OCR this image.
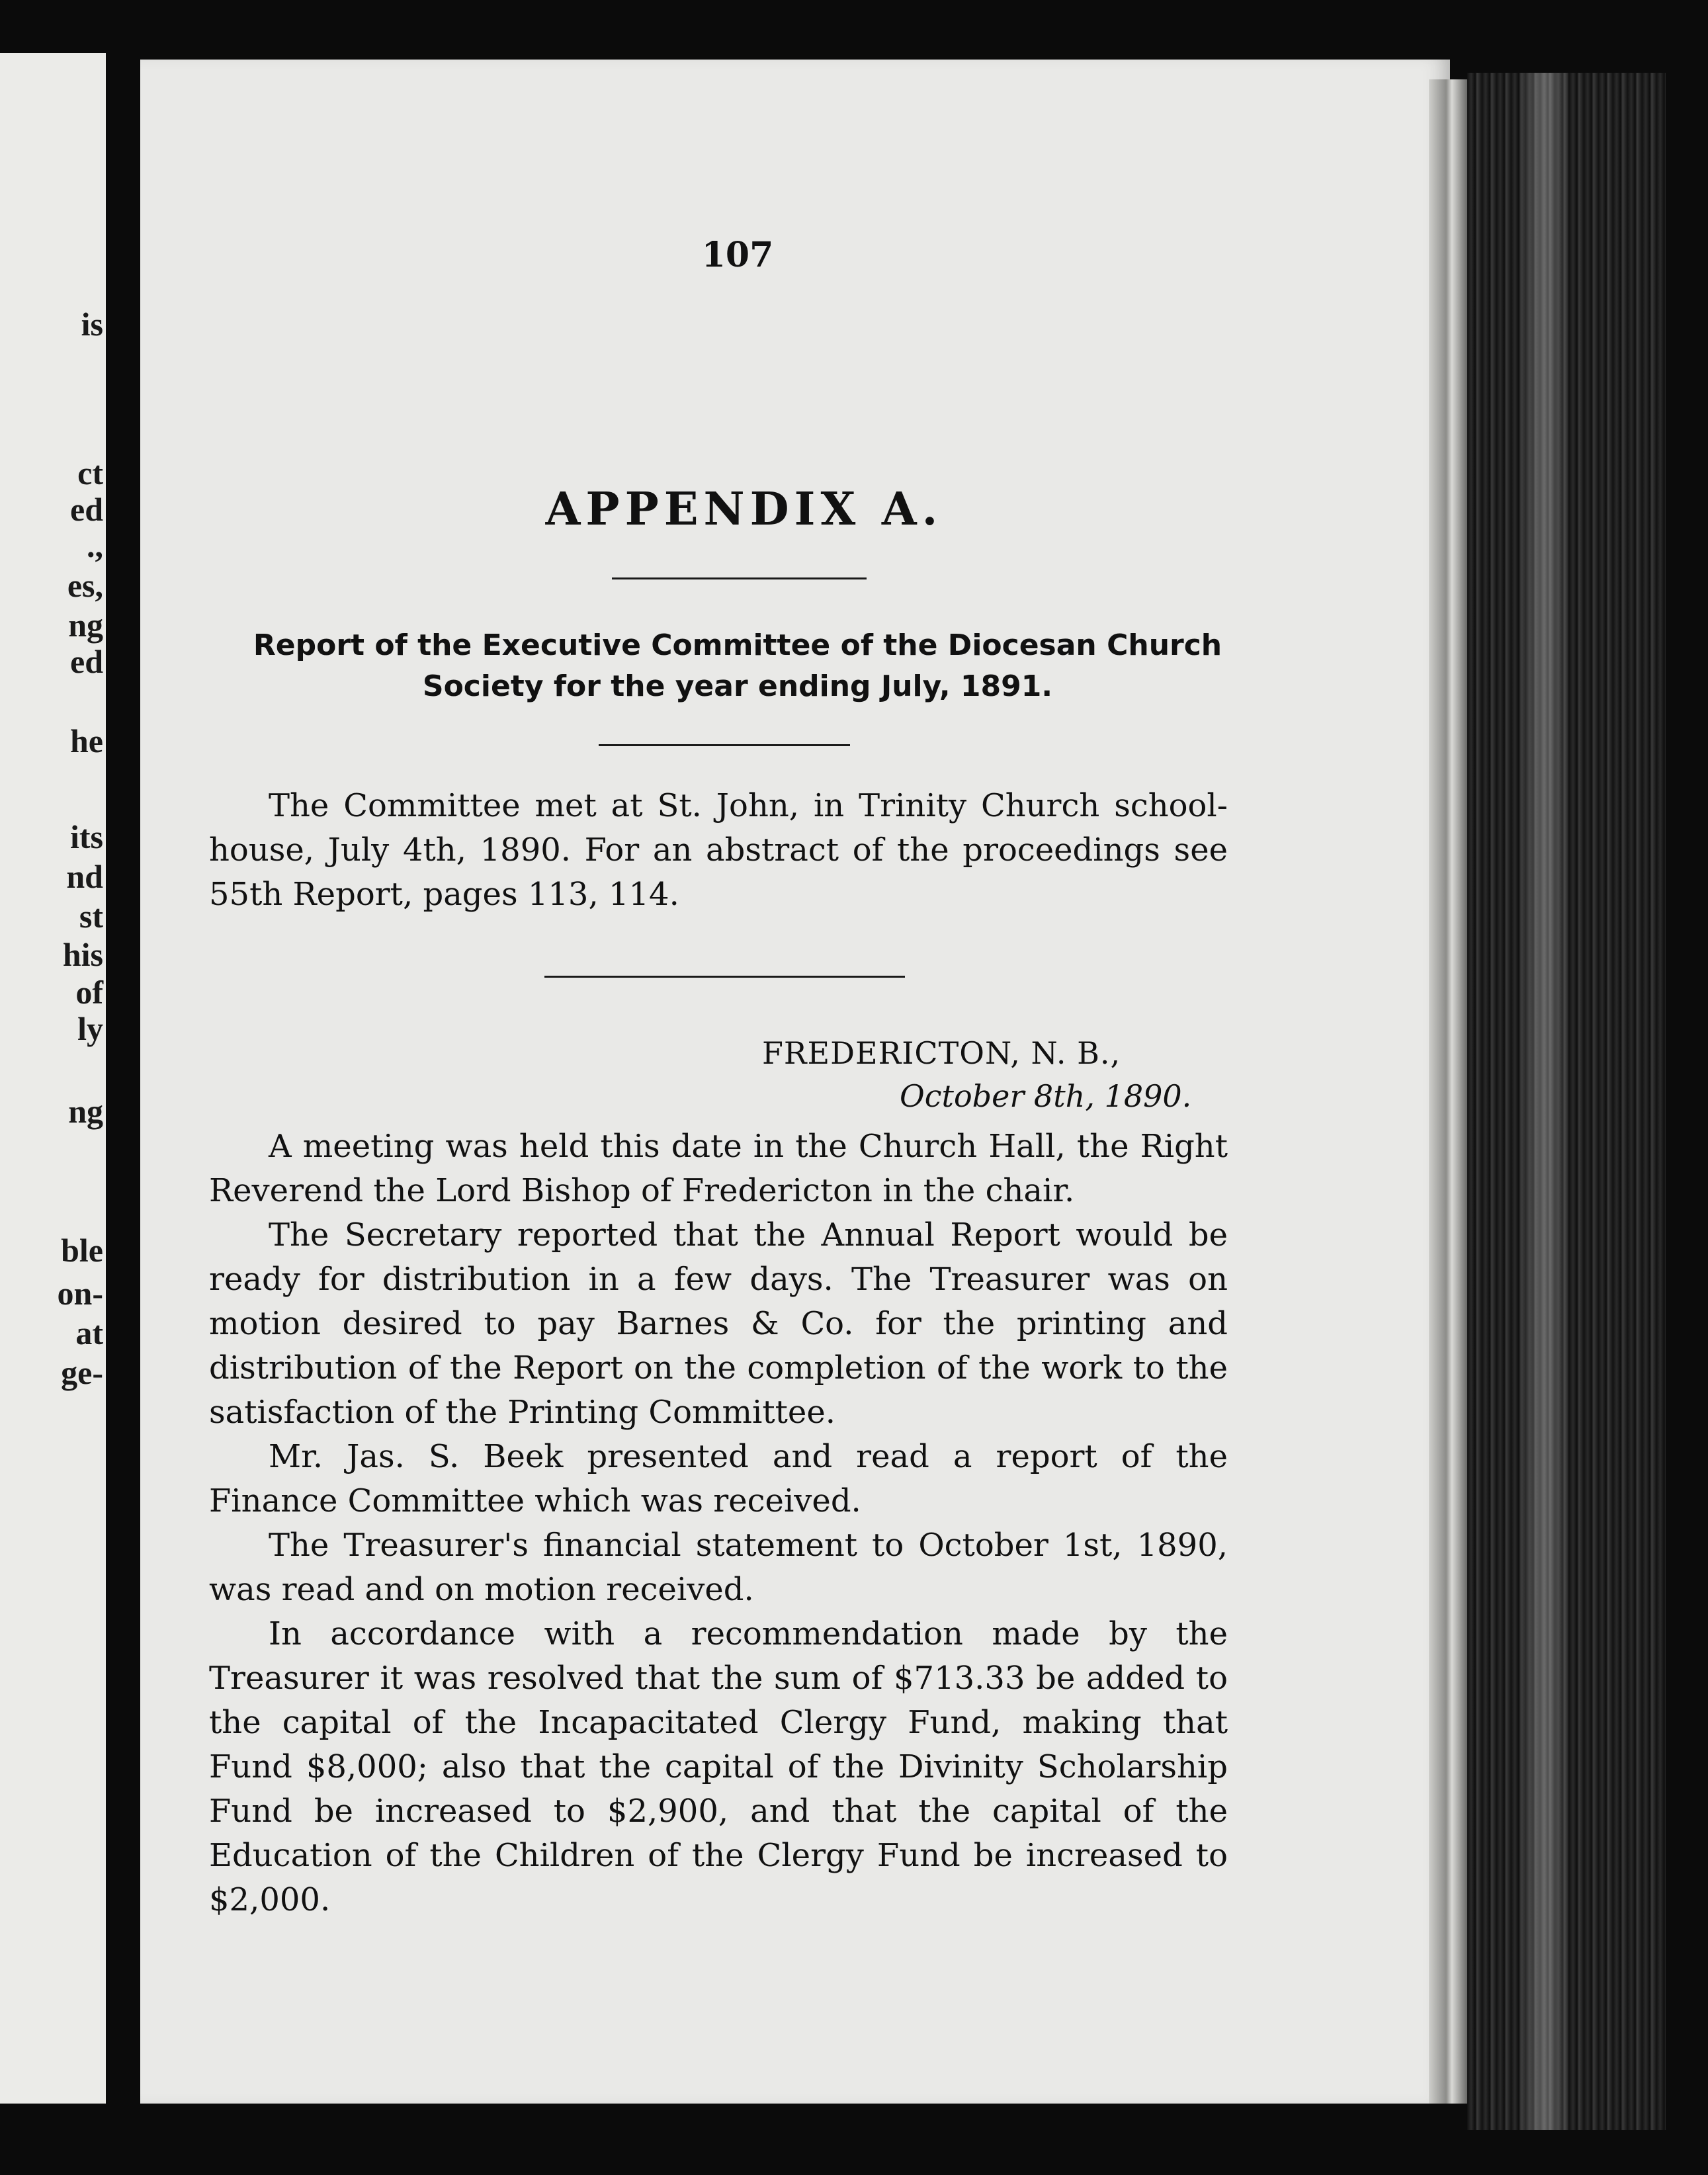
is

ct

ed

.,

es,

ng

ed

he

its

nd

st

his

of

ly

ng

ble

on-

at

ge-

107

APPENDIX A.
Report of the Executive Committee of the Diocesan Church Society for the year ending July, 1891.

The Committee met at St. John, in Trinity Church school-house, July 4th, 1890. For an abstract of the proceedings see 55th Report, pages 113, 114.

FREDERICTON, N. B.,

October 8th, 1890.

A meeting was held this date in the Church Hall, the Right Reverend the Lord Bishop of Fredericton in the chair.

The Secretary reported that the Annual Report would be ready for distribution in a few days. The Treasurer was on motion desired to pay Barnes & Co. for the printing and distribution of the Report on the completion of the work to the satisfaction of the Printing Committee.

Mr. Jas. S. Beek presented and read a report of the Finance Committee which was received.

The Treasurer's financial statement to October 1st, 1890, was read and on motion received.

In accordance with a recommendation made by the Treasurer it was resolved that the sum of $713.33 be added to the capital of the Incapacitated Clergy Fund, making that Fund $8,000; also that the capital of the Divinity Scholarship Fund be increased to $2,900, and that the capital of the Education of the Children of the Clergy Fund be increased to $2,000.
